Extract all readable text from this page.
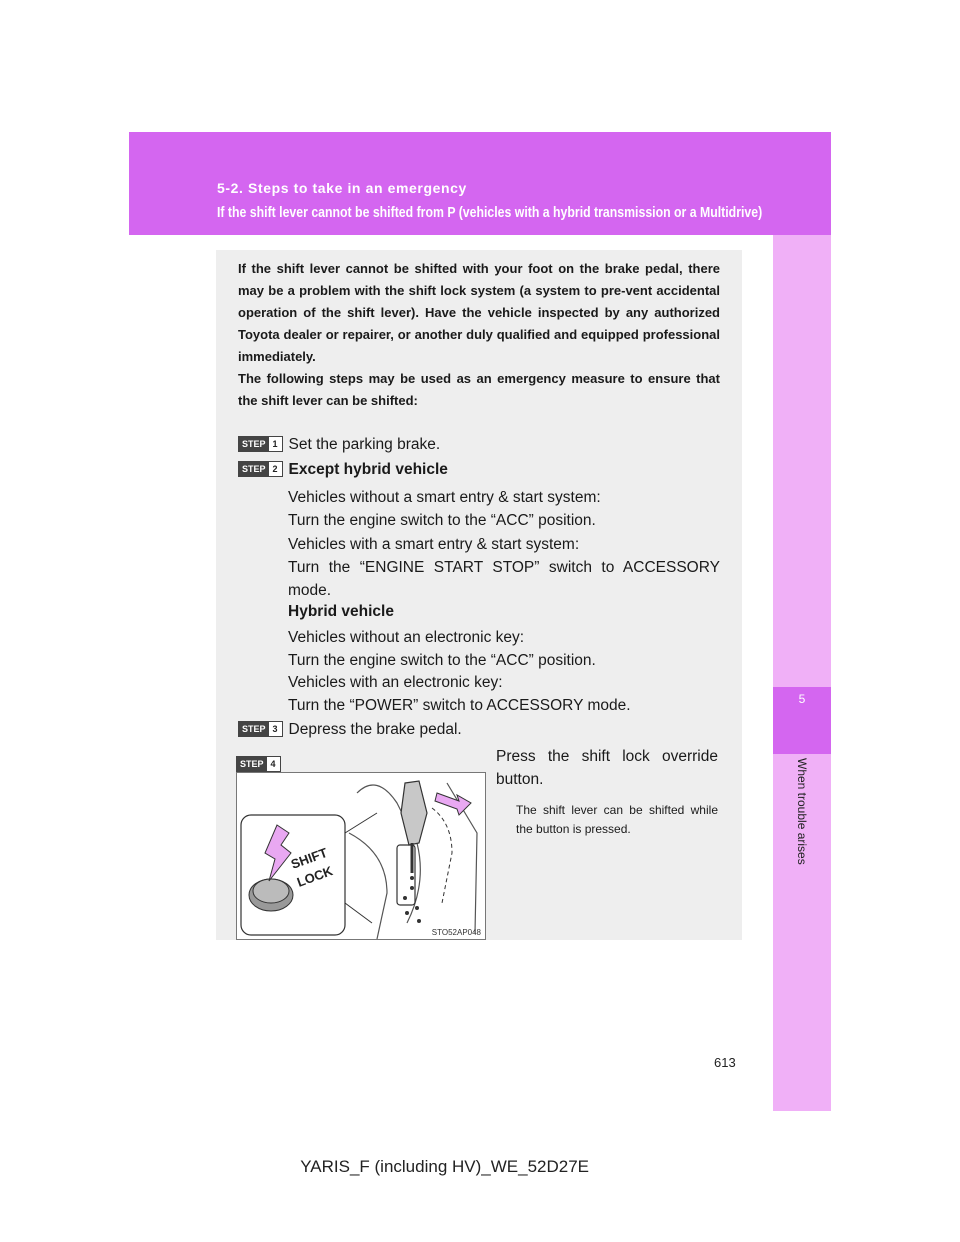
5-2. Steps to take in an emergency
If the shift lever cannot be shifted from P (vehicles with a hybrid transmission or a Multidrive)
5
When trouble arises

If the shift lever cannot be shifted with your foot on the brake pedal, there may be a problem with the shift lock system (a system to pre-vent accidental operation of the shift lever). Have the vehicle inspected by any authorized Toyota dealer or repairer, or another duly qualified and equipped professional immediately.

The following steps may be used as an emergency measure to ensure that the shift lever can be shifted:

STEP 1 Set the parking brake.
STEP 2 Except hybrid vehicle

Vehicles without a smart entry & start system:

Turn the engine switch to the “ACC” position.

Vehicles with a smart entry & start system:

Turn the “ENGINE START STOP” switch to ACCESSORY mode.

Hybrid vehicle

Vehicles without an electronic key:

Turn the engine switch to the “ACC” position.

Vehicles with an electronic key:

Turn the “POWER” switch to ACCESSORY mode.

STEP 3 Depress the brake pedal.
STEP 4
SHIFT
LOCK
STO52AP048
Press the shift lock override button.
The shift lever can be shifted while the button is pressed.
613
YARIS_F (including HV)_WE_52D27E
